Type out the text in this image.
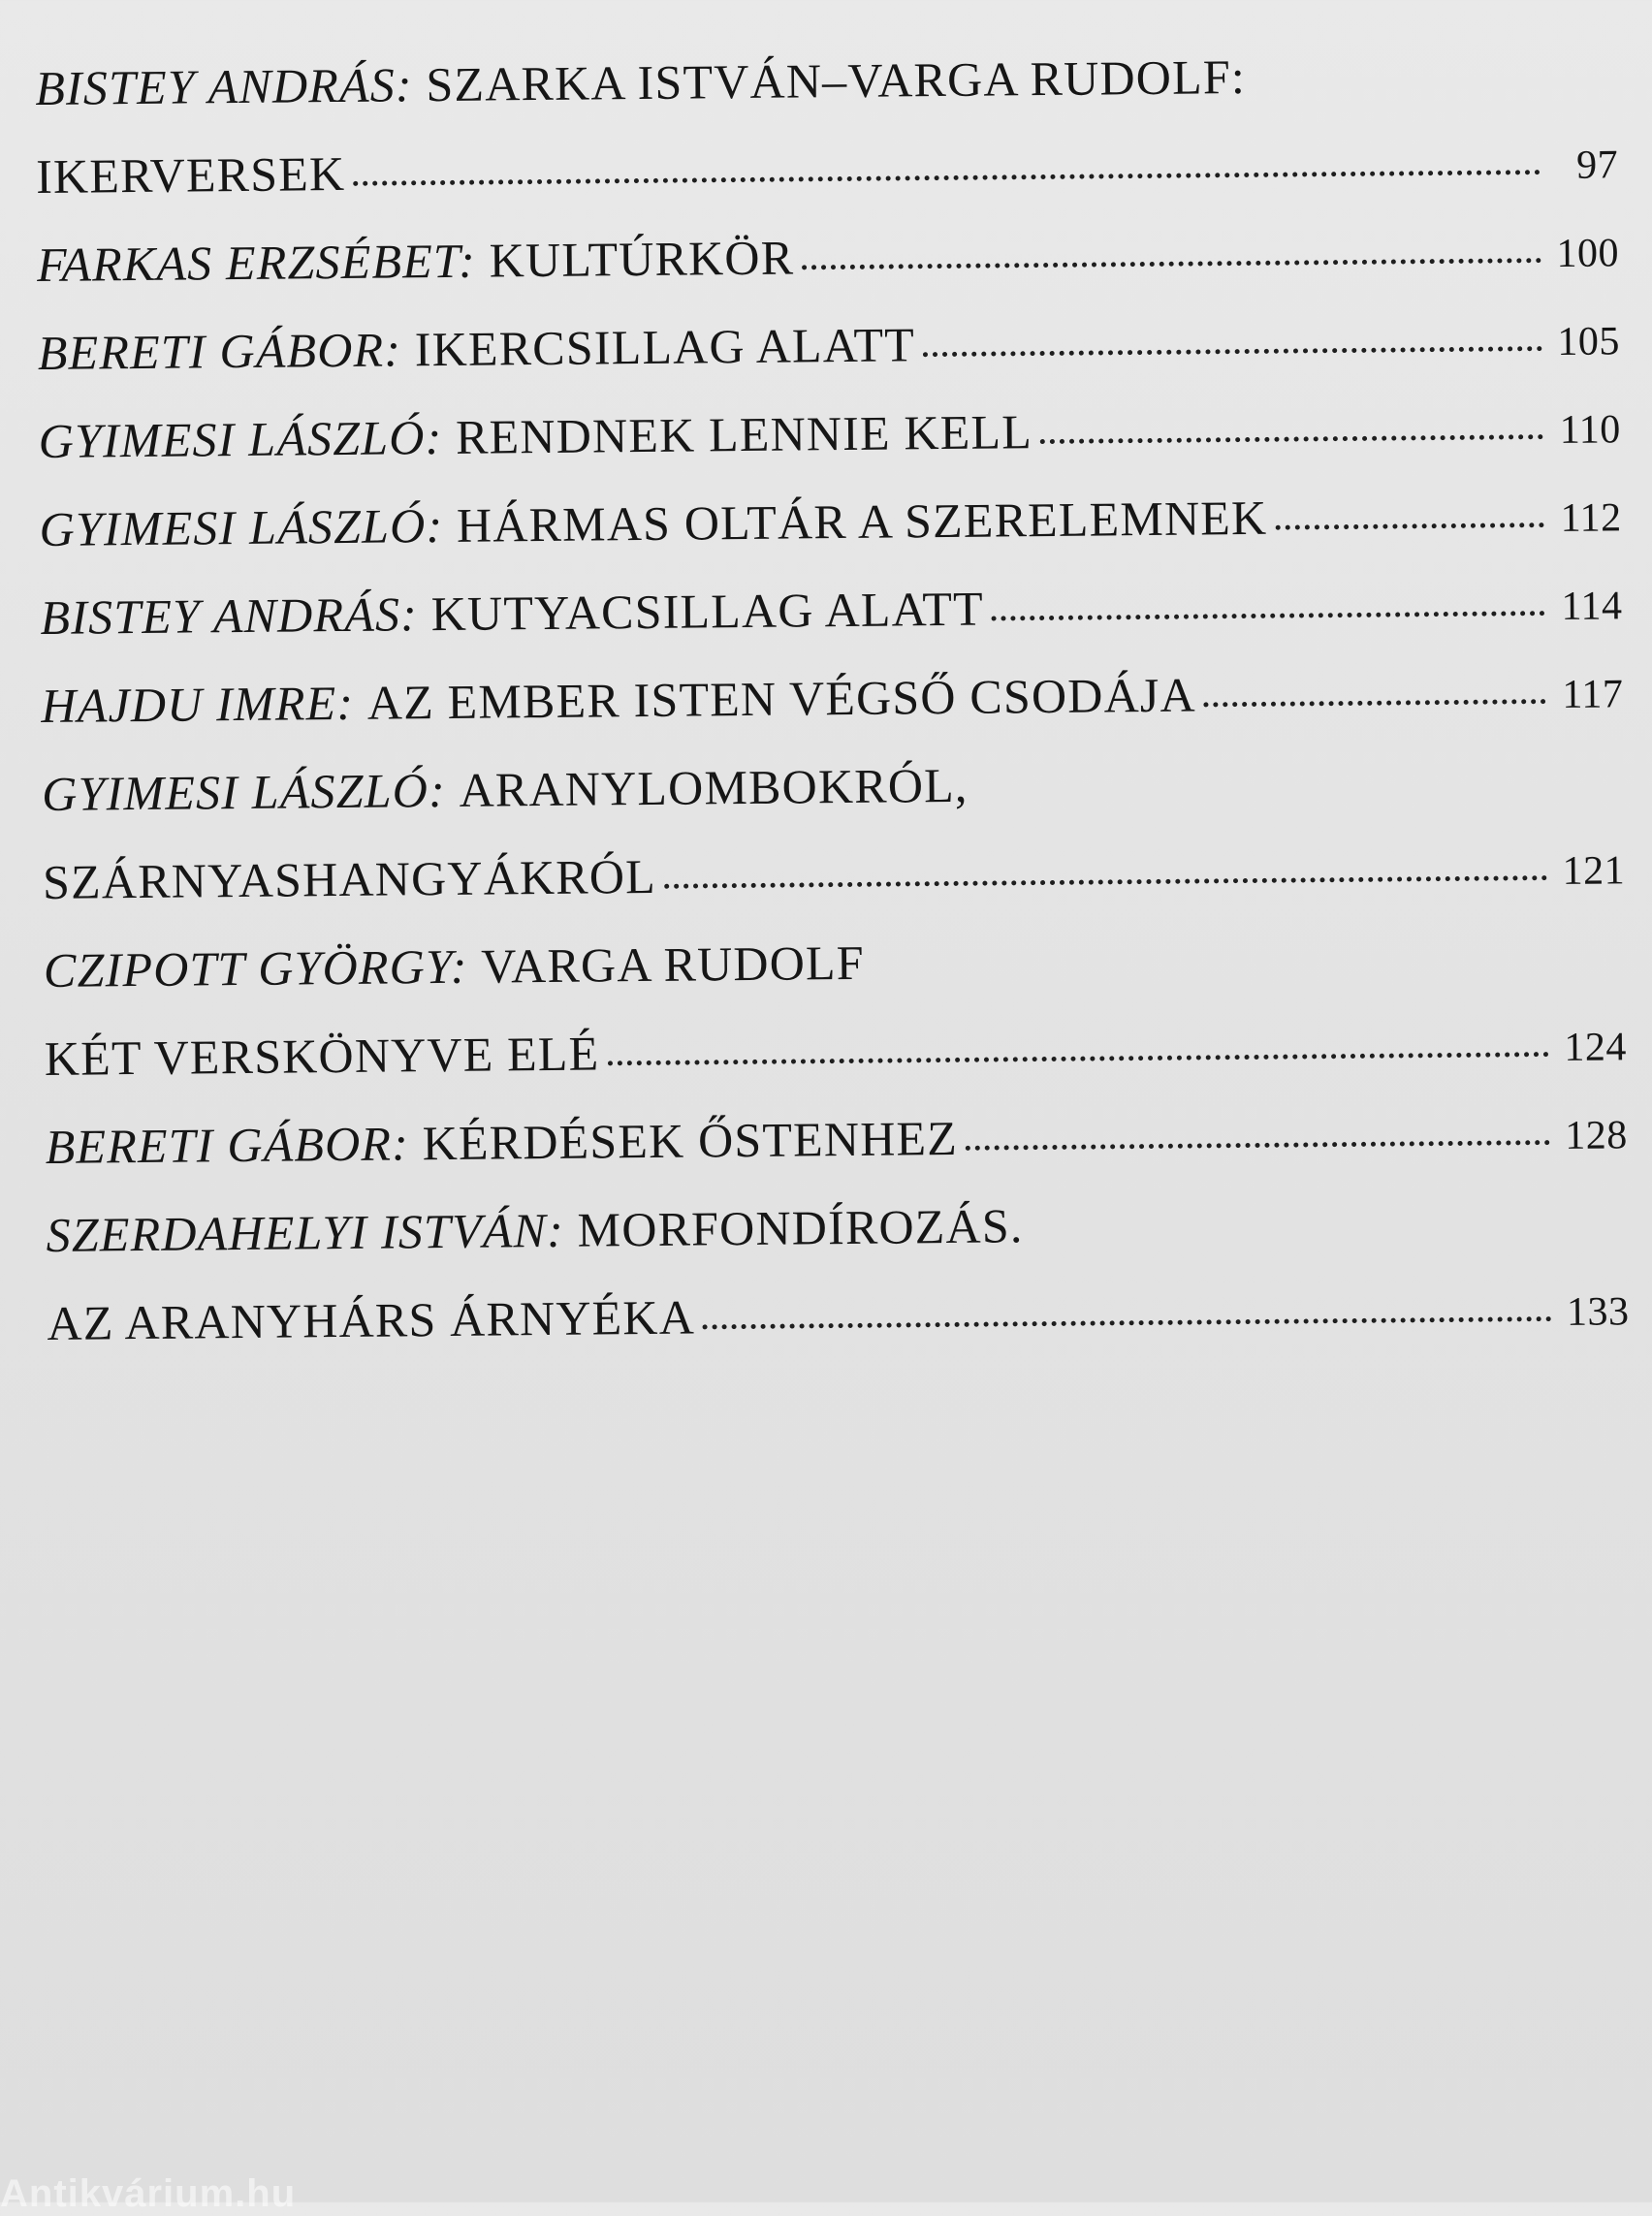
BISTEY ANDRÁS:
SZARKA ISTVÁN–VARGA RUDOLF:
IKERVERSEK	97
FARKAS ERZSÉBET:
KULTÚRKÖR	100
BERETI GÁBOR:
IKERCSILLAG ALATT	105
GYIMESI LÁSZLÓ:
RENDNEK LENNIE KELL	110
GYIMESI LÁSZLÓ:
HÁRMAS OLTÁR A SZERELEMNEK	112
BISTEY ANDRÁS:
KUTYACSILLAG ALATT	114
HAJDU IMRE:
AZ EMBER ISTEN VÉGSŐ CSODÁJA	117
GYIMESI LÁSZLÓ:
ARANYLOMBOKRÓL,
SZÁRNYASHANGYÁKRÓL	121
CZIPOTT GYÖRGY:
VARGA RUDOLF
KÉT VERSKÖNYVE ELÉ	124
BERETI GÁBOR:
KÉRDÉSEK ŐSTENHEZ	128
SZERDAHELYI ISTVÁN:
MORFONDÍROZÁS.
AZ ARANYHÁRS ÁRNYÉKA	133
Antikvárium.hu
